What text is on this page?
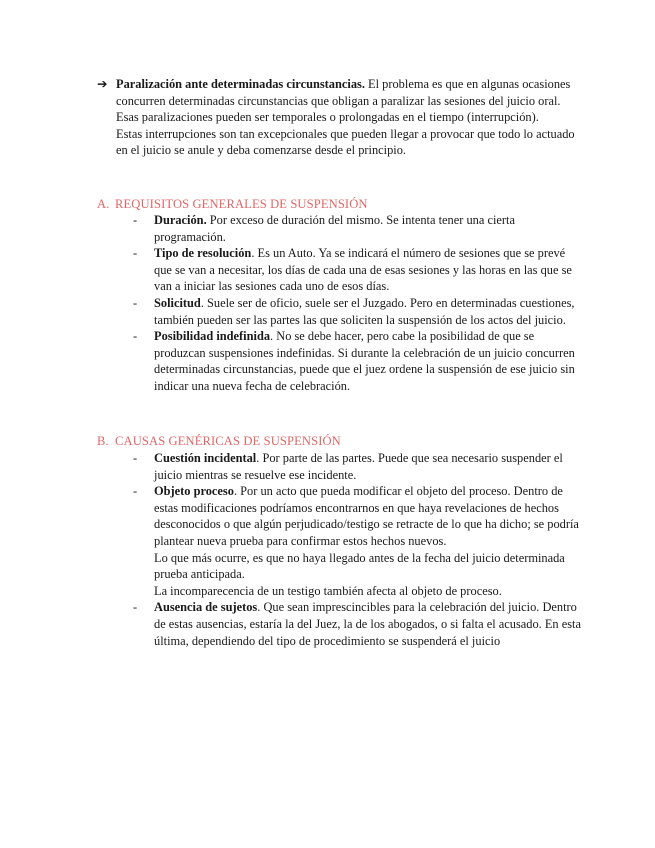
➔ Paralización ante determinadas circunstancias. El problema es que en algunas ocasiones concurren determinadas circunstancias que obligan a paralizar las sesiones del juicio oral.

Esas paralizaciones pueden ser temporales o prolongadas en el tiempo (interrupción).

Estas interrupciones son tan excepcionales que pueden llegar a provocar que todo lo actuado en el juicio se anule y deba comenzarse desde el principio.

A. REQUISITOS GENERALES DE SUSPENSIÓN
- Duración. Por exceso de duración del mismo. Se intenta tener una cierta programación.

- Tipo de resolución. Es un Auto. Ya se indicará el número de sesiones que se prevé que se van a necesitar, los días de cada una de esas sesiones y las horas en las que se van a iniciar las sesiones cada uno de esos días.

- Solicitud. Suele ser de oficio, suele ser el Juzgado. Pero en determinadas cuestiones, también pueden ser las partes las que soliciten la suspensión de los actos del juicio.

- Posibilidad indefinida. No se debe hacer, pero cabe la posibilidad de que se produzcan suspensiones indefinidas. Si durante la celebración de un juicio concurren determinadas circunstancias, puede que el juez ordene la suspensión de ese juicio sin indicar una nueva fecha de celebración.

B. CAUSAS GENÉRICAS DE SUSPENSIÓN
- Cuestión incidental. Por parte de las partes. Puede que sea necesario suspender el juicio mientras se resuelve ese incidente.

- Objeto proceso. Por un acto que pueda modificar el objeto del proceso. Dentro de estas modificaciones podríamos encontrarnos en que haya revelaciones de hechos desconocidos o que algún perjudicado/testigo se retracte de lo que ha dicho; se podría plantear nueva prueba para confirmar estos hechos nuevos.

Lo que más ocurre, es que no haya llegado antes de la fecha del juicio determinada prueba anticipada.

La incomparecencia de un testigo también afecta al objeto de proceso.

- Ausencia de sujetos. Que sean imprescincibles para la celebración del juicio. Dentro de estas ausencias, estaría la del Juez, la de los abogados, o si falta el acusado. En esta última, dependiendo del tipo de procedimiento se suspenderá el juicio
